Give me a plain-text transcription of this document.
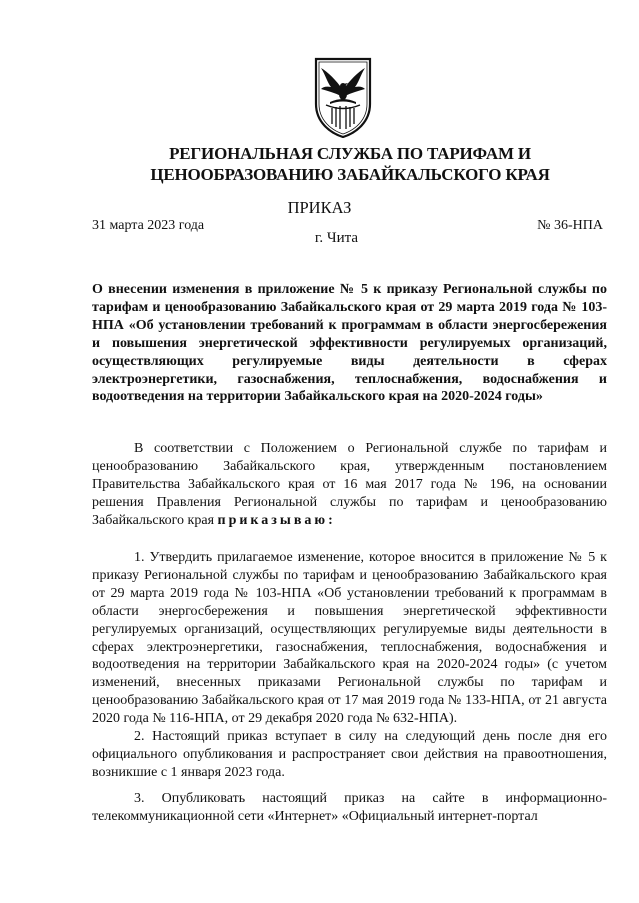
РЕГИОНАЛЬНАЯ СЛУЖБА ПО ТАРИФАМ И
ЦЕНООБРАЗОВАНИЮ ЗАБАЙКАЛЬСКОГО КРАЯ
ПРИКАЗ
31 марта 2023 года	№ 36-НПА
г. Чита
О внесении изменения в приложение № 5 к приказу Региональной службы по тарифам и ценообразованию Забайкальского края от 29 марта 2019 года № 103-НПА «Об установлении требований к программам в области энергосбережения и повышения энергетической эффективности регулируемых организаций, осуществляющих регулируемые виды деятельности в сферах электроэнергетики, газоснабжения, теплоснабжения, водоснабжения и водоотведения на территории Забайкальского края на 2020-2024 годы»
В соответствии с Положением о Региональной службе по тарифам и ценообразованию Забайкальского края, утвержденным постановлением Правительства Забайкальского края от 16 мая 2017 года № 196, на основании решения Правления Региональной службы по тарифам и ценообразованию Забайкальского края приказываю:
1. Утвердить прилагаемое изменение, которое вносится в приложение № 5 к приказу Региональной службы по тарифам и ценообразованию Забайкальского края от 29 марта 2019 года № 103-НПА «Об установлении требований к программам в области энергосбережения и повышения энергетической эффективности регулируемых организаций, осуществляющих регулируемые виды деятельности в сферах электроэнергетики, газоснабжения, теплоснабжения, водоснабжения и водоотведения на территории Забайкальского края на 2020-2024 годы» (с учетом изменений, внесенных приказами Региональной службы по тарифам и ценообразованию Забайкальского края от 17 мая 2019 года № 133-НПА, от 21 августа 2020 года № 116-НПА, от 29 декабря 2020 года № 632-НПА).
2. Настоящий приказ вступает в силу на следующий день после дня его официального опубликования и распространяет свои действия на правоотношения, возникшие с 1 января 2023 года.
3. Опубликовать настоящий приказ на сайте в информационно-телекоммуникационной сети «Интернет» «Официальный интернет-портал
